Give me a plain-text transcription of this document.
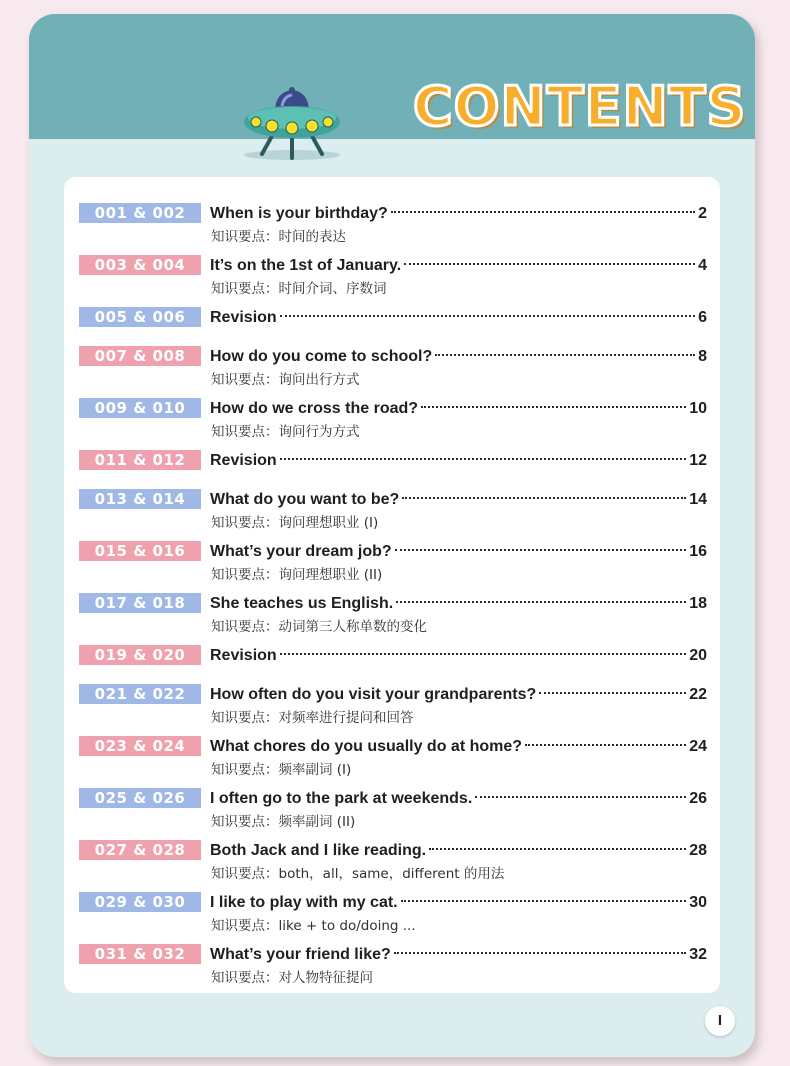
CONTENTS
001 & 002	When is your birthday?	2
知识要点：时间的表达
003 & 004	It’s on the 1st of January.	4
知识要点：时间介词、序数词
005 & 006	Revision	6
007 & 008	How do you come to school?	8
知识要点：询问出行方式
009 & 010	How do we cross the road?	10
知识要点：询问行为方式
011 & 012	Revision	12
013 & 014	What do you want to be?	14
知识要点：询问理想职业 (I)
015 & 016	What’s your dream job?	16
知识要点：询问理想职业 (II)
017 & 018	She teaches us English.	18
知识要点：动词第三人称单数的变化
019 & 020	Revision	20
021 & 022	How often do you visit your grandparents?	22
知识要点：对频率进行提问和回答
023 & 024	What chores do you usually do at home?	24
知识要点：频率副词 (I)
025 & 026	I often go to the park at weekends.	26
知识要点：频率副词 (II)
027 & 028	Both Jack and I like reading.	28
知识要点：both，all，same，different 的用法
029 & 030	I like to play with my cat.	30
知识要点：like + to do/doing ...
031 & 032	What’s your friend like?	32
知识要点：对人物特征提问
I
